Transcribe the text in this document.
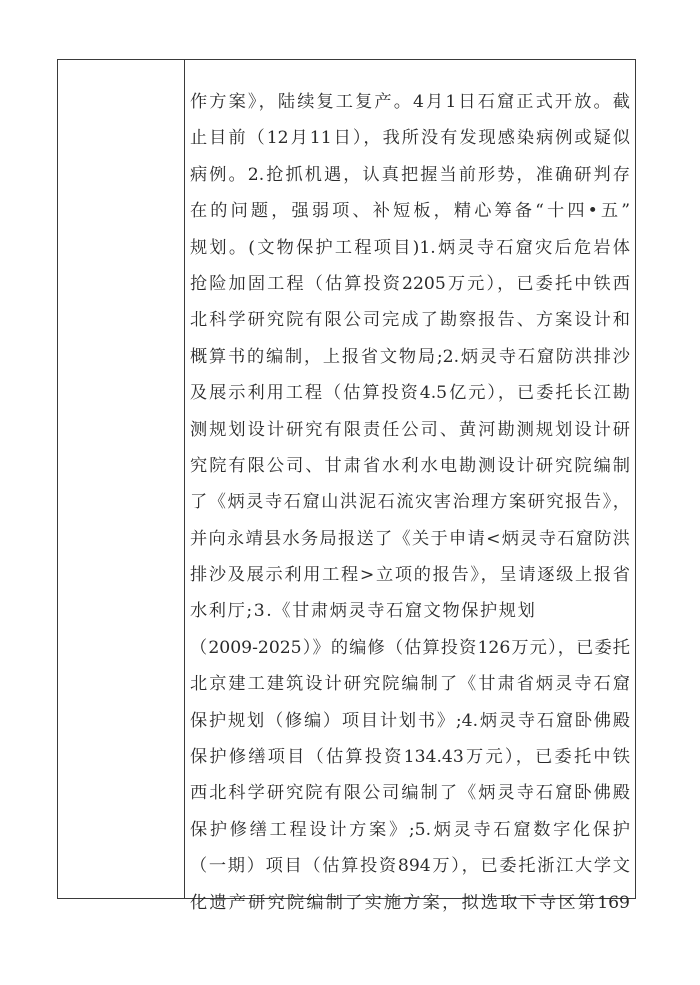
作方案》，陆续复工复产。4月1日石窟正式开放。截
止目前（12月11日），我所没有发现感染病例或疑似
病例。2.抢抓机遇，认真把握当前形势，准确研判存
在的问题，强弱项、补短板，精心筹备“十四•五”
规划。(文物保护工程项目)1.炳灵寺石窟灾后危岩体
抢险加固工程（估算投资2205万元），已委托中铁西
北科学研究院有限公司完成了勘察报告、方案设计和
概算书的编制，上报省文物局;2.炳灵寺石窟防洪排沙
及展示利用工程（估算投资4.5亿元），已委托长江勘
测规划设计研究有限责任公司、黄河勘测规划设计研
究院有限公司、甘肃省水利水电勘测设计研究院编制
了《炳灵寺石窟山洪泥石流灾害治理方案研究报告》，
并向永靖县水务局报送了《关于申请<炳灵寺石窟防洪
排沙及展示利用工程>立项的报告》，呈请逐级上报省
水利厅;3.《甘肃炳灵寺石窟文物保护规划
（2009-2025）》的编修（估算投资126万元），已委托
北京建工建筑设计研究院编制了《甘肃省炳灵寺石窟
保护规划（修编）项目计划书》;4.炳灵寺石窟卧佛殿
保护修缮项目（估算投资134.43万元），已委托中铁
西北科学研究院有限公司编制了《炳灵寺石窟卧佛殿
保护修缮工程设计方案》;5.炳灵寺石窟数字化保护
（一期）项目（估算投资894万），已委托浙江大学文
化遗产研究院编制了实施方案，拟选取下寺区第169
